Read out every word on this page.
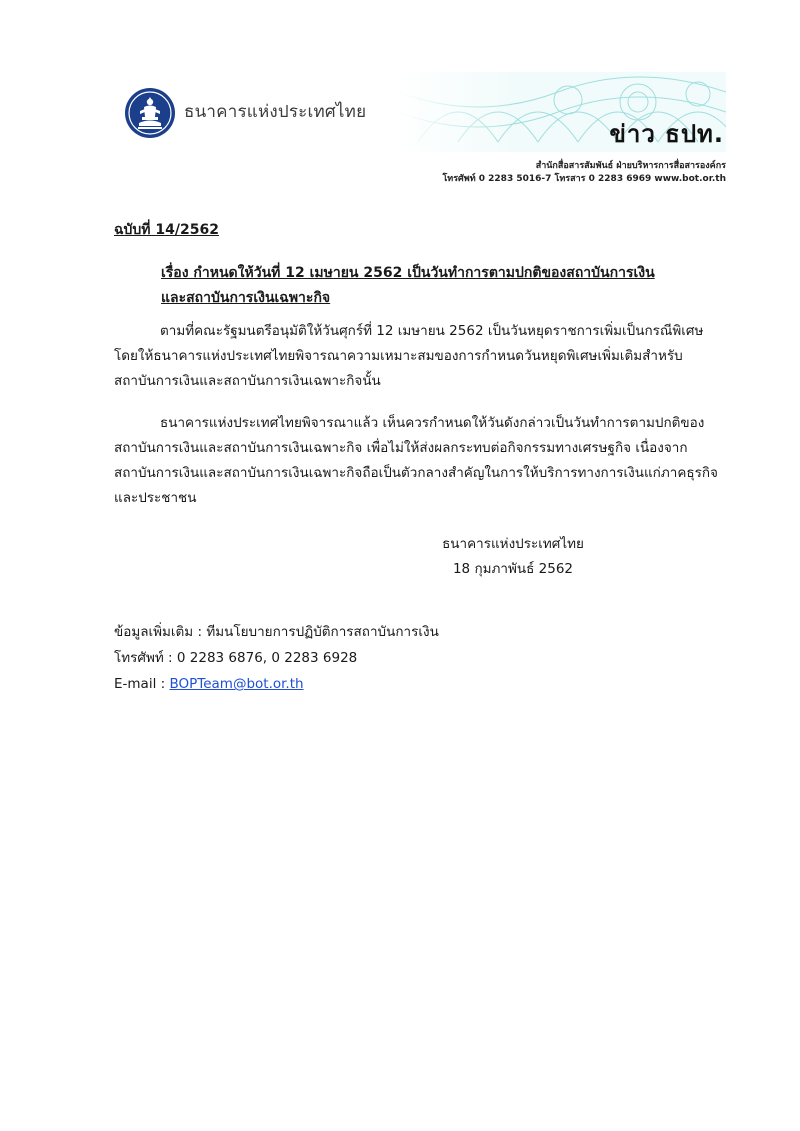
ธนาคารแห่งประเทศไทย
ข่าว ธปท.
สำนักสื่อสารสัมพันธ์ ฝ่ายบริหารการสื่อสารองค์กร
โทรศัพท์ 0 2283 5016-7 โทรสาร 0 2283 6969 www.bot.or.th
ฉบับที่ 14/2562
เรื่อง กำหนดให้วันที่ 12 เมษายน 2562 เป็นวันทำการตามปกติของสถาบันการเงิน
และสถาบันการเงินเฉพาะกิจ
ตามที่คณะรัฐมนตรีอนุมัติให้วันศุกร์ที่ 12 เมษายน 2562 เป็นวันหยุดราชการเพิ่มเป็นกรณีพิเศษ
โดยให้ธนาคารแห่งประเทศไทยพิจารณาความเหมาะสมของการกำหนดวันหยุดพิเศษเพิ่มเติมสำหรับ
สถาบันการเงินและสถาบันการเงินเฉพาะกิจนั้น
ธนาคารแห่งประเทศไทยพิจารณาแล้ว เห็นควรกำหนดให้วันดังกล่าวเป็นวันทำการตามปกติของ
สถาบันการเงินและสถาบันการเงินเฉพาะกิจ เพื่อไม่ให้ส่งผลกระทบต่อกิจกรรมทางเศรษฐกิจ เนื่องจาก
สถาบันการเงินและสถาบันการเงินเฉพาะกิจถือเป็นตัวกลางสำคัญในการให้บริการทางการเงินแก่ภาคธุรกิจ
และประชาชน
ธนาคารแห่งประเทศไทย
18 กุมภาพันธ์ 2562
ข้อมูลเพิ่มเติม : ทีมนโยบายการปฏิบัติการสถาบันการเงิน
โทรศัพท์ : 0 2283 6876, 0 2283 6928
E-mail : BOPTeam@bot.or.th
